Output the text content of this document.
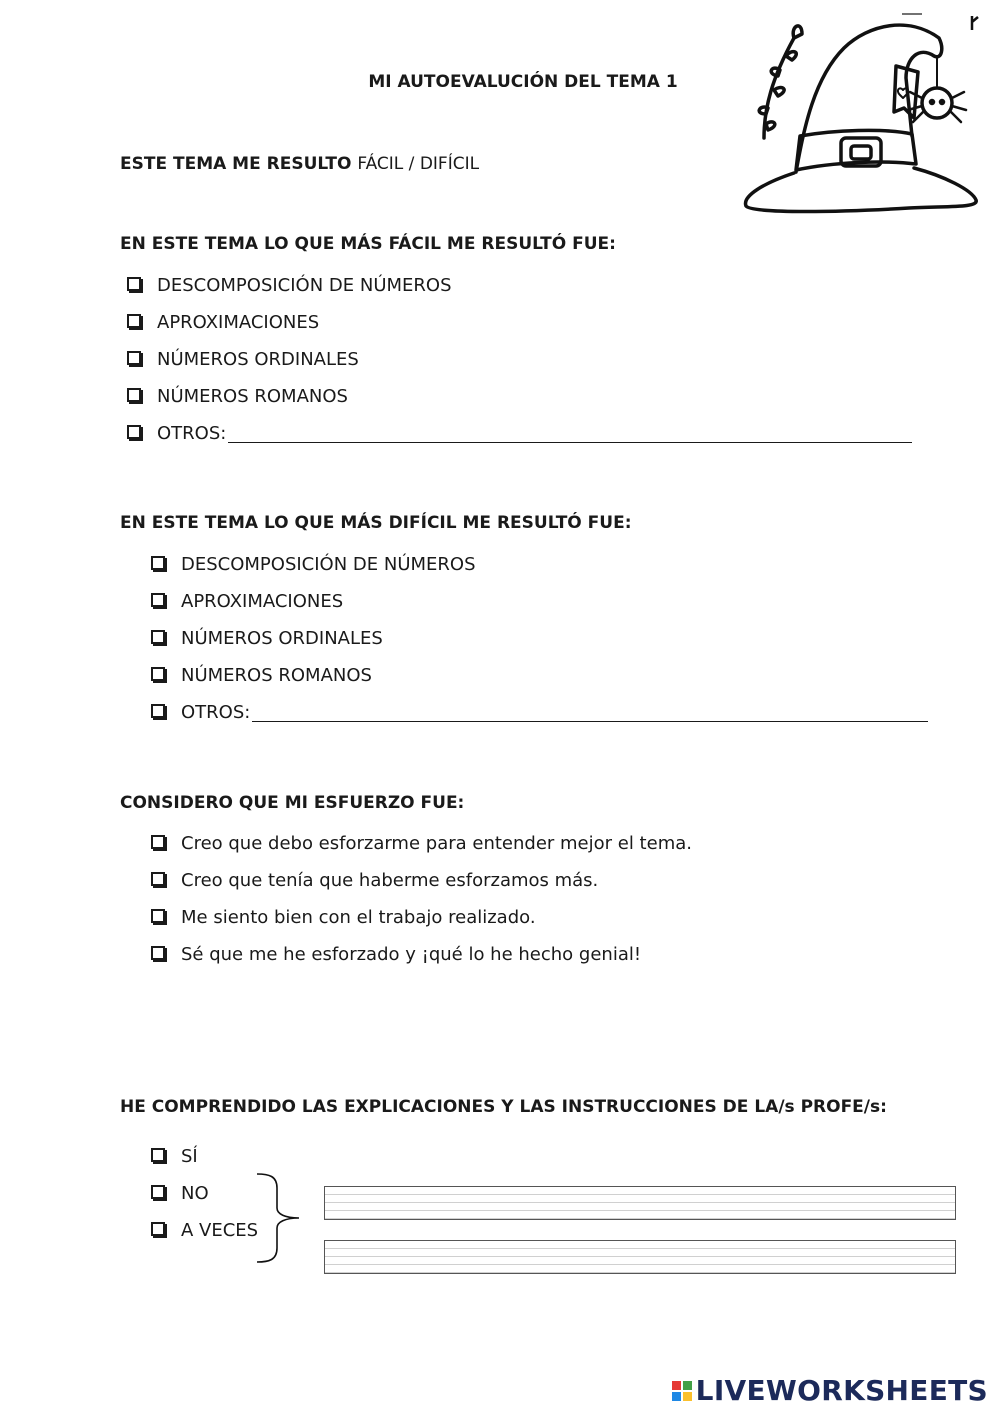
MI AUTOEVALUCIÓN DEL TEMA 1
ESTE TEMA ME RESULTO FÁCIL / DIFÍCIL
EN ESTE TEMA LO QUE MÁS FÁCIL ME RESULTÓ FUE:
DESCOMPOSICIÓN DE NÚMEROS
APROXIMACIONES
NÚMEROS ORDINALES
NÚMEROS ROMANOS
OTROS:
EN ESTE TEMA LO QUE MÁS DIFÍCIL ME RESULTÓ FUE:
DESCOMPOSICIÓN DE NÚMEROS
APROXIMACIONES
NÚMEROS ORDINALES
NÚMEROS ROMANOS
OTROS:
CONSIDERO QUE MI ESFUERZO FUE:
Creo que debo esforzarme para entender mejor el tema.
Creo que tenía que haberme esforzamos más.
Me siento bien con el trabajo realizado.
Sé que me he esforzado y ¡qué lo he hecho genial!
HE COMPRENDIDO LAS EXPLICACIONES Y LAS INSTRUCCIONES DE LA/s PROFE/s:
SÍ
NO
A VECES
LIVEWORKSHEETS
